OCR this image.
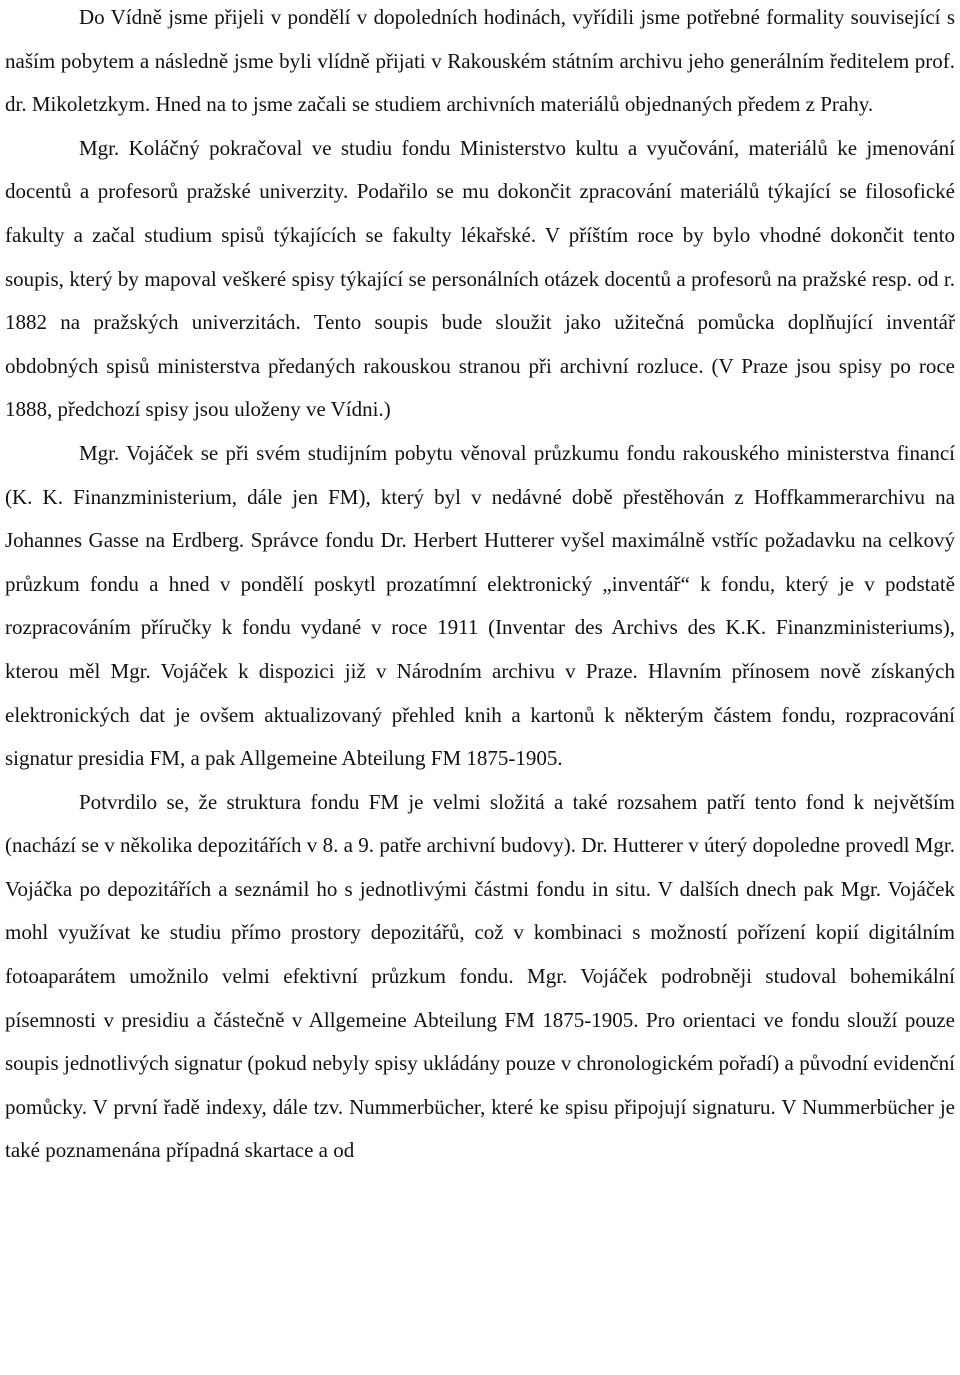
Do Vídně jsme přijeli v pondělí v dopoledních hodinách, vyřídili jsme potřebné formality související s naším pobytem a následně jsme byli vlídně přijati v Rakouském státním archivu jeho generálním ředitelem prof. dr. Mikoletzkym. Hned na to jsme začali se studiem archivních materiálů objednaných předem z Prahy.

Mgr. Koláčný pokračoval ve studiu fondu Ministerstvo kultu a vyučování, materiálů ke jmenování docentů a profesorů pražské univerzity. Podařilo se mu dokončit zpracování materiálů týkající se filosofické fakulty a začal studium spisů týkajících se fakulty lékařské. V příštím roce by bylo vhodné dokončit tento soupis, který by mapoval veškeré spisy týkající se personálních otázek docentů a profesorů na pražské resp. od r. 1882 na pražských univerzitách. Tento soupis bude sloužit jako užitečná pomůcka doplňující inventář obdobných spisů ministerstva předaných rakouskou stranou při archivní rozluce. (V Praze jsou spisy po roce 1888, předchozí spisy jsou uloženy ve Vídni.)

Mgr. Vojáček se při svém studijním pobytu věnoval průzkumu fondu rakouského ministerstva financí (K. K. Finanzministerium, dále jen FM), který byl v nedávné době přestěhován z Hoffkammerarchivu na Johannes Gasse na Erdberg. Správce fondu Dr. Herbert Hutterer vyšel maximálně vstříc požadavku na celkový průzkum fondu a hned v pondělí poskytl prozatímní elektronický „inventář“ k fondu, který je v podstatě rozpracováním příručky k fondu vydané v roce 1911 (Inventar des Archivs des K.K. Finanzministeriums), kterou měl Mgr. Vojáček k dispozici již v Národním archivu v Praze. Hlavním přínosem nově získaných elektronických dat je ovšem aktualizovaný přehled knih a kartonů k některým částem fondu, rozpracování signatur presidia FM, a pak Allgemeine Abteilung FM 1875-1905.

Potvrdilo se, že struktura fondu FM je velmi složitá a také rozsahem patří tento fond k největším (nachází se v několika depozitářích v 8. a 9. patře archivní budovy). Dr. Hutterer v úterý dopoledne provedl Mgr. Vojáčka po depozitářích a seznámil ho s jednotlivými částmi fondu in situ. V dalších dnech pak Mgr. Vojáček mohl využívat ke studiu přímo prostory depozitářů, což v kombinaci s možností pořízení kopií digitálním fotoaparátem umožnilo velmi efektivní průzkum fondu. Mgr. Vojáček podrobněji studoval bohemikální písemnosti v presidiu a částečně v Allgemeine Abteilung FM 1875-1905. Pro orientaci ve fondu slouží pouze soupis jednotlivých signatur (pokud nebyly spisy ukládány pouze v chronologickém pořadí) a původní evidenční pomůcky. V první řadě indexy, dále tzv. Nummerbücher, které ke spisu připojují signaturu. V Nummerbücher je také poznamenána případná skartace a od
